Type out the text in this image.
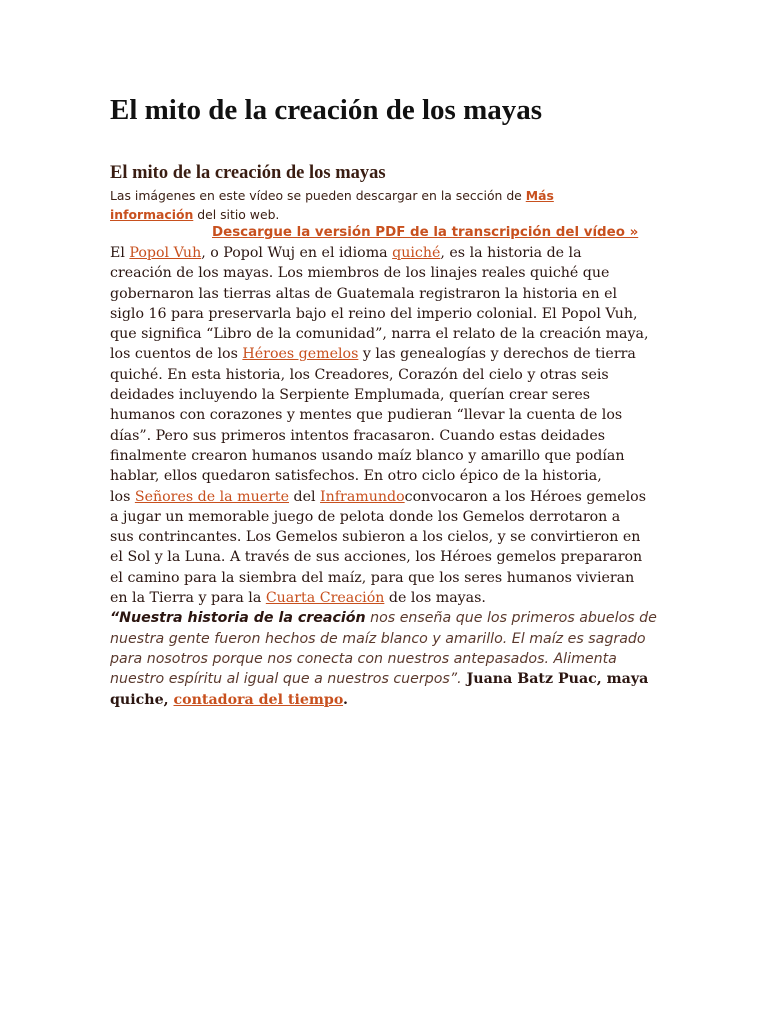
El mito de la creación de los mayas
El mito de la creación de los mayas

Las imágenes en este vídeo se pueden descargar en la sección de Más
información del sitio web.

Descargue la versión PDF de la transcripción del vídeo »

El Popol Vuh, o Popol Wuj en el idioma quiché, es la historia de la
creación de los mayas. Los miembros de los linajes reales quiché que
gobernaron las tierras altas de Guatemala registraron la historia en el
siglo 16 para preservarla bajo el reino del imperio colonial. El Popol Vuh,
que significa “Libro de la comunidad”, narra el relato de la creación maya,
los cuentos de los Héroes gemelos y las genealogías y derechos de tierra
quiché. En esta historia, los Creadores, Corazón del cielo y otras seis
deidades incluyendo la Serpiente Emplumada, querían crear seres
humanos con corazones y mentes que pudieran “llevar la cuenta de los
días”. Pero sus primeros intentos fracasaron. Cuando estas deidades
finalmente crearon humanos usando maíz blanco y amarillo que podían
hablar, ellos quedaron satisfechos. En otro ciclo épico de la historia,
los Señores de la muerte del Inframundoconvocaron a los Héroes gemelos
a jugar un memorable juego de pelota donde los Gemelos derrotaron a
sus contrincantes. Los Gemelos subieron a los cielos, y se convirtieron en
el Sol y la Luna. A través de sus acciones, los Héroes gemelos prepararon
el camino para la siembra del maíz, para que los seres humanos vivieran
en la Tierra y para la Cuarta Creación de los mayas.
“Nuestra historia de la creación nos enseña que los primeros abuelos de
nuestra gente fueron hechos de maíz blanco y amarillo. El maíz es sagrado
para nosotros porque nos conecta con nuestros antepasados. Alimenta
nuestro espíritu al igual que a nuestros cuerpos”. Juana Batz Puac, maya
quiche, contadora del tiempo.
